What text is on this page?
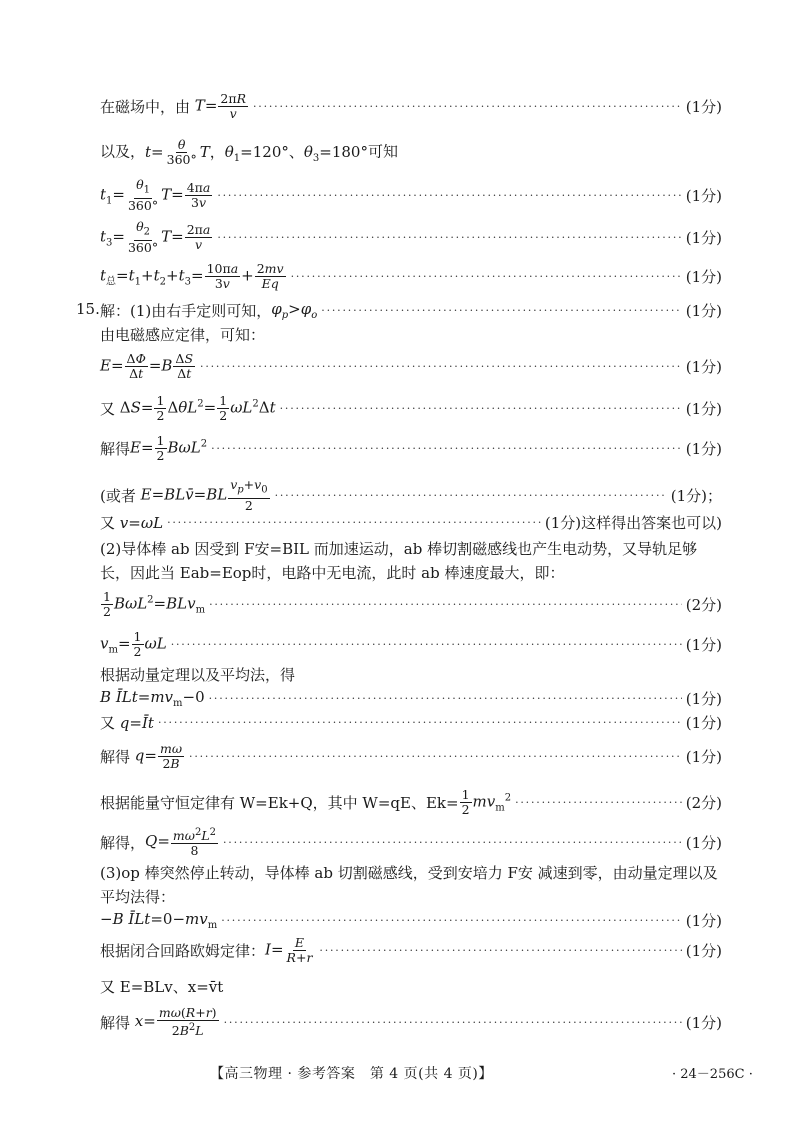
在磁场中，由 $T= \frac{2\pi R}{v}$ ·····	(1分)
以及，$t= \frac{\theta}{360^\circ}$ T，$\theta_1=120^\circ$、$\theta_3=180^\circ$可知
$t_1= \frac{\theta_1}{360^\circ} T= \frac{4\pi a}{3v}$ ·····	(1分)
$t_3= \frac{\theta_2}{360^\circ} T= \frac{2\pi a}{v}$ ·····	(1分)
$t_总=t_1+t_2+t_3= \frac{10\pi a}{3v} + \frac{2mv}{Eq}$ ·····	(1分)
15. 解：(1)由右手定则可知， $\varphi_p>\varphi_o$ ·····	(1分)
由电磁感应定律，可知：
$E= \frac{\Delta\Phi}{\Delta t} =B \frac{\Delta S}{\Delta t}$ ·····	(1分)
又 $\Delta S= \frac{1}{2} \Delta\theta L^2= \frac{1}{2} \omega L^2\Delta t$ ·····	(1分)
解得 $E= \frac{1}{2} B\omega L^2$ ·····	(1分)
(或者 E=BLv̄=BL $\frac{v_p+v_0}{2}$ ·····	(1分)；
又 v=ωL ·····	(1分)这样得出答案也可以)
(2)导体棒 ab 因受到 F安=BIL 而加速运动，ab 棒切割磁感线也产生电动势，又导轨足够
长，因此当 Eab=Eop时，电路中无电流，此时 ab 棒速度最大，即：
$\frac{1}{2} B\omega L^2=BLv_m$ ·····	(2分)
$v_m= \frac{1}{2}$ ωL ·····	(1分)
根据动量定理以及平均法，得
B $ĪLt=mv_m-0$ ·····	(1分)
又 q=Īt ·····	(1分)
解得 $q= \frac{m\omega}{2B}$ ·····	(1分)
根据能量守恒定律有 W=Ek+Q，其中 W=qE、$Ek= \frac{1}{2} mv_m^2$ ·····	(2分)
解得， $Q= \frac{m\omega^2L^2}{8}$ ·····	(1分)
(3)op 棒突然停止转动，导体棒 ab 切割磁感线，受到安培力 F安 减速到零，由动量定理以及
平均法得：
−B $ĪLt=0-mv_m$ ·····	(1分)
根据闭合回路欧姆定律： $I= \frac{E}{R+r}$ ·····	(1分)
又 E=BLv、x=v̄t
解得 $x= \frac{m\omega(R+r)}{2B^2L}$ ·····	(1分)
【高三物理 · 参考答案　第 4 页(共 4 页)】	· 24－256C ·
